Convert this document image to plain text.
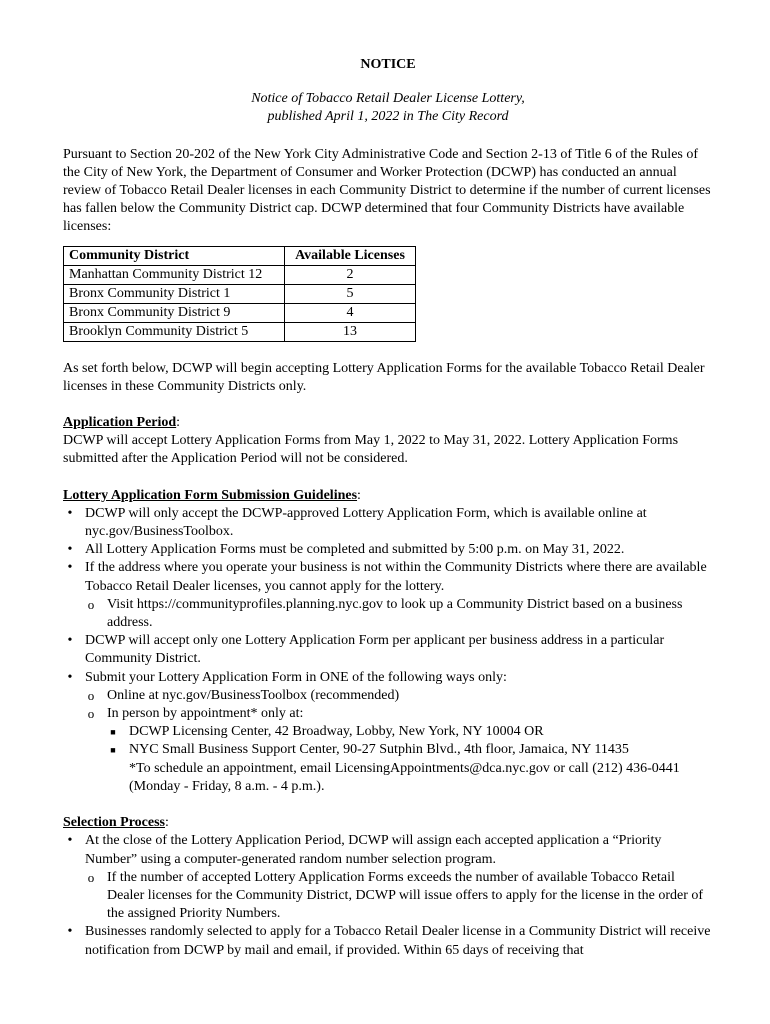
NOTICE

Notice of Tobacco Retail Dealer License Lottery,
published April 1, 2022 in The City Record

Pursuant to Section 20-202 of the New York City Administrative Code and Section 2-13 of Title 6 of the Rules of the City of New York, the Department of Consumer and Worker Protection (DCWP) has conducted an annual review of Tobacco Retail Dealer licenses in each Community District to determine if the number of current licenses has fallen below the Community District cap. DCWP determined that four Community Districts have available licenses:

Community District	Available Licenses
Manhattan Community District 12	2
Bronx Community District 1	5
Bronx Community District 9	4
Brooklyn Community District 5	13

As set forth below, DCWP will begin accepting Lottery Application Forms for the available Tobacco Retail Dealer licenses in these Community Districts only.

Application Period:

DCWP will accept Lottery Application Forms from May 1, 2022 to May 31, 2022. Lottery Application Forms submitted after the Application Period will not be considered.

Lottery Application Form Submission Guidelines:

• DCWP will only accept the DCWP-approved Lottery Application Form, which is available online at nyc.gov/BusinessToolbox.
• All Lottery Application Forms must be completed and submitted by 5:00 p.m. on May 31, 2022.
• If the address where you operate your business is not within the Community Districts where there are available Tobacco Retail Dealer licenses, you cannot apply for the lottery.
o Visit https://communityprofiles.planning.nyc.gov to look up a Community District based on a business address.
• DCWP will accept only one Lottery Application Form per applicant per business address in a particular Community District.
• Submit your Lottery Application Form in ONE of the following ways only:
o Online at nyc.gov/BusinessToolbox (recommended)
o In person by appointment* only at:
■ DCWP Licensing Center, 42 Broadway, Lobby, New York, NY 10004 OR
■ NYC Small Business Support Center, 90-27 Sutphin Blvd., 4th floor, Jamaica, NY 11435
*To schedule an appointment, email LicensingAppointments@dca.nyc.gov or call (212) 436-0441 (Monday - Friday, 8 a.m. - 4 p.m.).

Selection Process:

• At the close of the Lottery Application Period, DCWP will assign each accepted application a “Priority Number” using a computer-generated random number selection program.
o If the number of accepted Lottery Application Forms exceeds the number of available Tobacco Retail Dealer licenses for the Community District, DCWP will issue offers to apply for the license in the order of the assigned Priority Numbers.
• Businesses randomly selected to apply for a Tobacco Retail Dealer license in a Community District will receive notification from DCWP by mail and email, if provided. Within 65 days of receiving that
